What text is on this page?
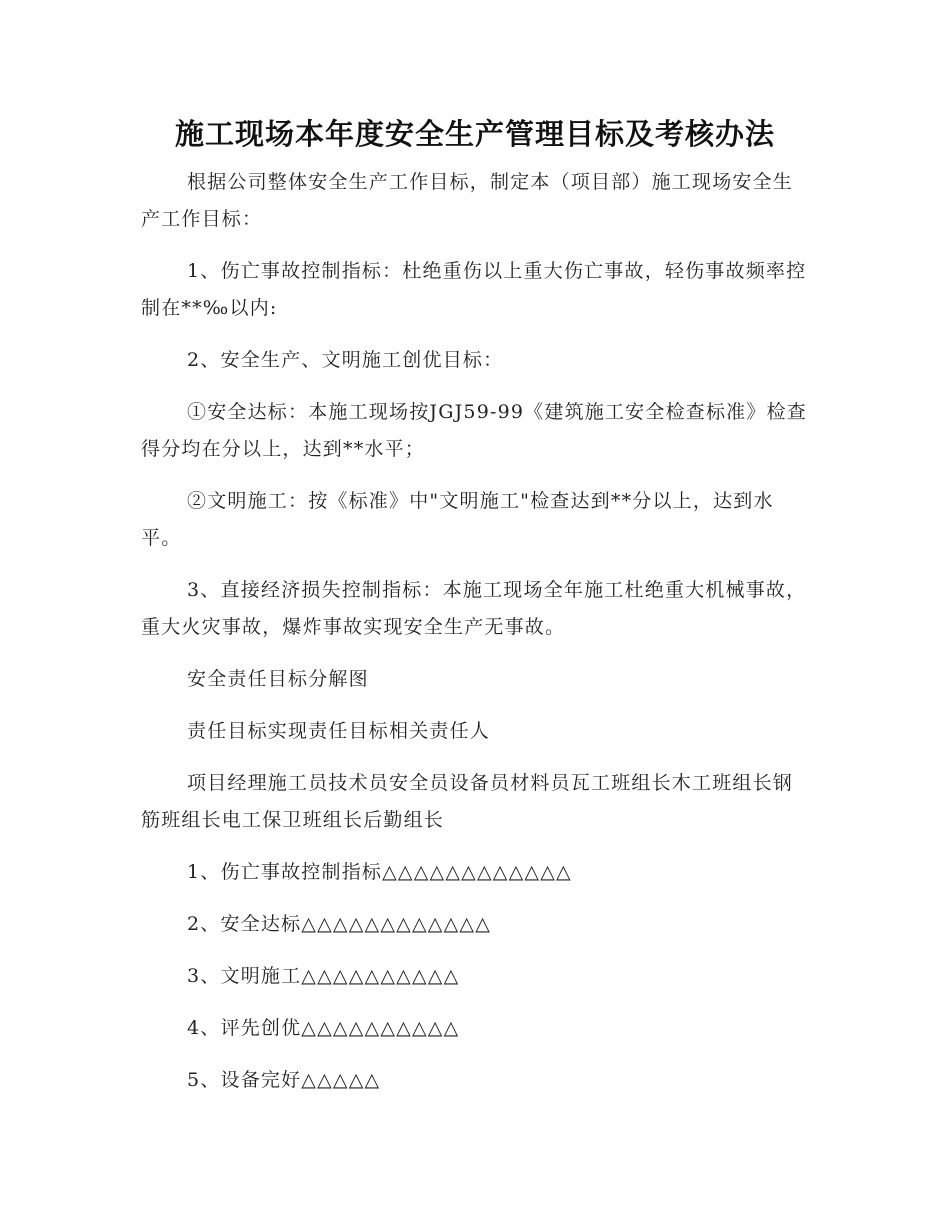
施工现场本年度安全生产管理目标及考核办法

根据公司整体安全生产工作目标，制定本（项目部）施工现场安全生产工作目标：

1、伤亡事故控制指标：杜绝重伤以上重大伤亡事故，轻伤事故频率控制在**‰以内:

2、安全生产、文明施工创优目标：

①安全达标：本施工现场按JGJ59-99《建筑施工安全检查标准》检查得分均在分以上，达到**水平；

②文明施工：按《标准》中"文明施工"检查达到**分以上，达到水平。

3、直接经济损失控制指标：本施工现场全年施工杜绝重大机械事故，重大火灾事故，爆炸事故实现安全生产无事故。

安全责任目标分解图

责任目标实现责任目标相关责任人

项目经理施工员技术员安全员设备员材料员瓦工班组长木工班组长钢筋班组长电工保卫班组长后勤组长

1、伤亡事故控制指标△△△△△△△△△△△△

2、安全达标△△△△△△△△△△△△

3、文明施工△△△△△△△△△△

4、评先创优△△△△△△△△△△

5、设备完好△△△△△
